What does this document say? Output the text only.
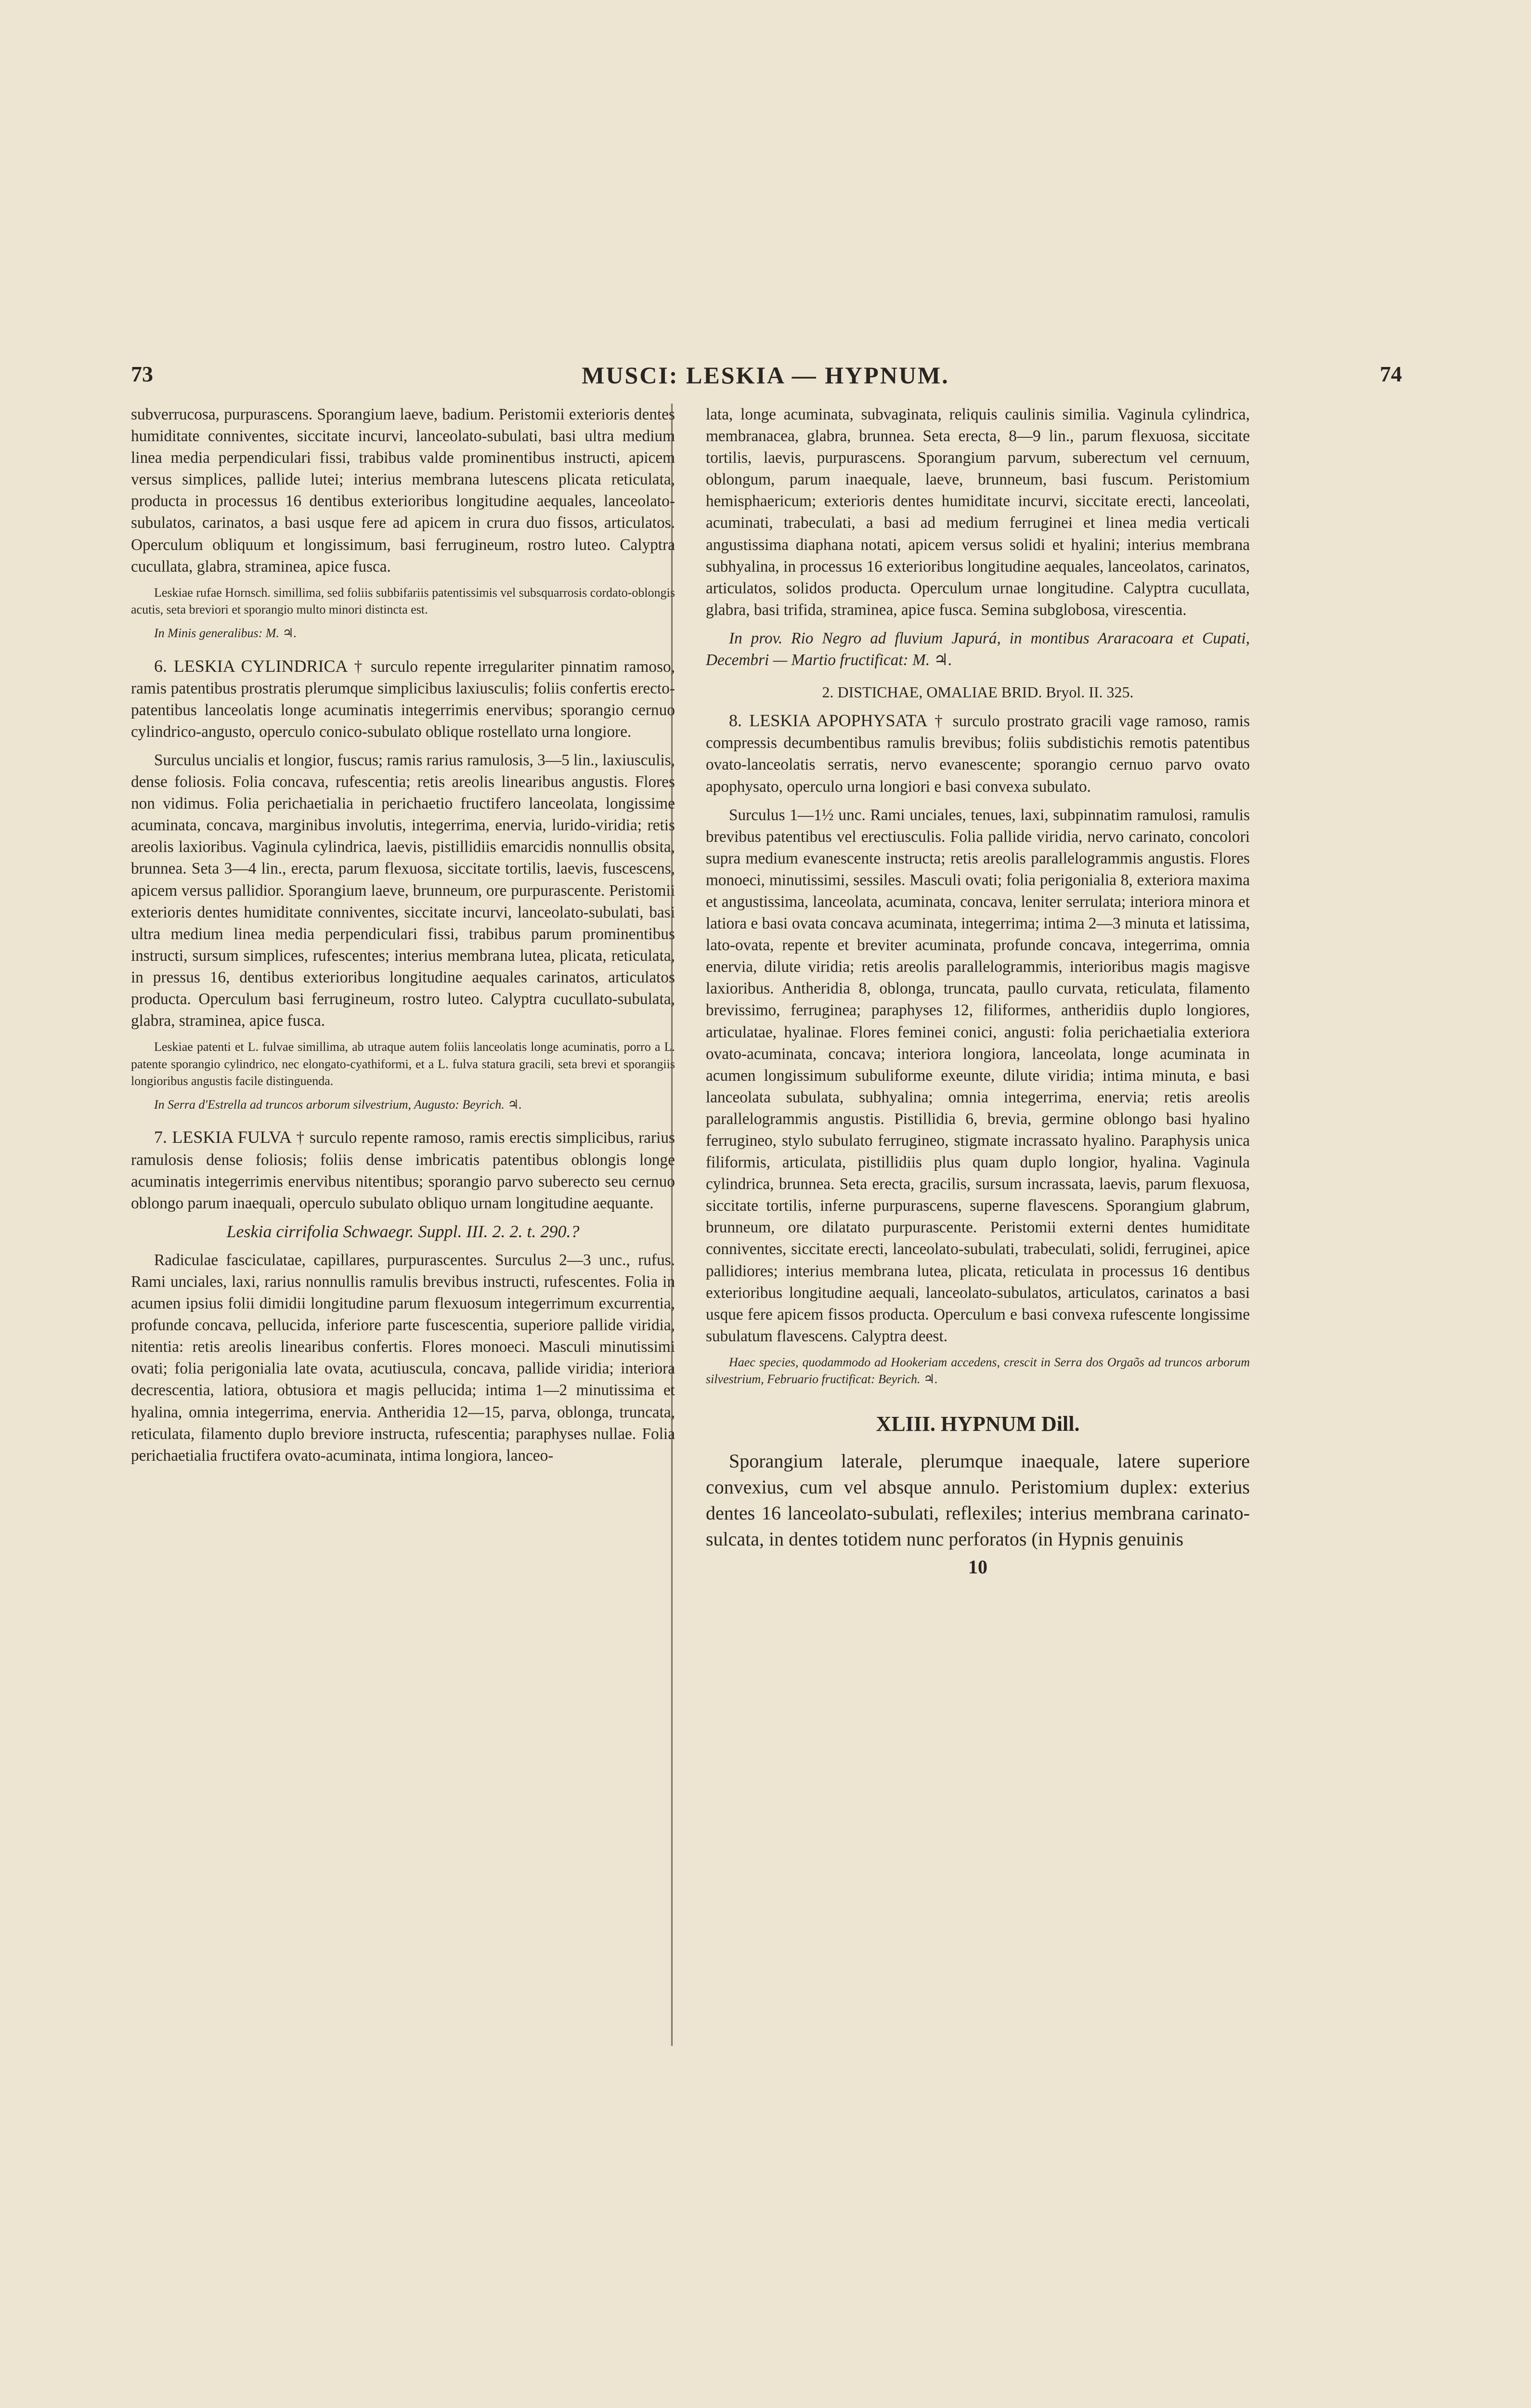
73	MUSCI: LESKIA — HYPNUM.	74

subverrucosa, purpurascens. Sporangium laeve, badium. Peristomii exterioris dentes humiditate conniventes, siccitate incurvi, lanceolato-subulati, basi ultra medium linea media perpendiculari fissi, trabibus valde prominentibus instructi, apicem versus simplices, pallide lutei; interius membrana lutescens plicata reticulata, producta in processus 16 dentibus exterioribus longitudine aequales, lanceolato-subulatos, carinatos, a basi usque fere ad apicem in crura duo fissos, articulatos. Operculum obliquum et longissimum, basi ferrugineum, rostro luteo. Calyptra cucullata, glabra, straminea, apice fusca.

Leskiae rufae Hornsch. simillima, sed foliis subbifariis patentissimis vel subsquarrosis cordato-oblongis acutis, seta breviori et sporangio multo minori distincta est.

In Minis generalibus: M. ♃.

6. LESKIA CYLINDRICA † surculo repente irregulariter pinnatim ramoso, ramis patentibus prostratis plerumque simplicibus laxiusculis; foliis confertis erecto-patentibus lanceolatis longe acuminatis integerrimis enervibus; sporangio cernuo cylindrico-angusto, operculo conico-subulato oblique rostellato urna longiore.

Surculus uncialis et longior, fuscus; ramis rarius ramulosis, 3—5 lin., laxiusculis, dense foliosis. Folia concava, rufescentia; retis areolis linearibus angustis. Flores non vidimus. Folia perichaetialia in perichaetio fructifero lanceolata, longissime acuminata, concava, marginibus involutis, integerrima, enervia, lurido-viridia; retis areolis laxioribus. Vaginula cylindrica, laevis, pistillidiis emarcidis nonnullis obsita, brunnea. Seta 3—4 lin., erecta, parum flexuosa, siccitate tortilis, laevis, fuscescens, apicem versus pallidior. Sporangium laeve, brunneum, ore purpurascente. Peristomii exterioris dentes humiditate conniventes, siccitate incurvi, lanceolato-subulati, basi ultra medium linea media perpendiculari fissi, trabibus parum prominentibus instructi, sursum simplices, rufescentes; interius membrana lutea, plicata, reticulata, in pressus 16, dentibus exterioribus longitudine aequales carinatos, articulatos producta. Operculum basi ferrugineum, rostro luteo. Calyptra cucullato-subulata, glabra, straminea, apice fusca.

Leskiae patenti et L. fulvae simillima, ab utraque autem foliis lanceolatis longe acuminatis, porro a L. patente sporangio cylindrico, nec elongato-cyathiformi, et a L. fulva statura gracili, seta brevi et sporangiis longioribus angustis facile distinguenda.

In Serra d'Estrella ad truncos arborum silvestrium, Augusto: Beyrich. ♃.

7. LESKIA FULVA † surculo repente ramoso, ramis erectis simplicibus, rarius ramulosis dense foliosis; foliis dense imbricatis patentibus oblongis longe acuminatis integerrimis enervibus nitentibus; sporangio parvo suberecto seu cernuo oblongo parum inaequali, operculo subulato obliquo urnam longitudine aequante.

Leskia cirrifolia Schwaegr. Suppl. III. 2. 2. t. 290.?

Radiculae fasciculatae, capillares, purpurascentes. Surculus 2—3 unc., rufus. Rami unciales, laxi, rarius nonnullis ramulis brevibus instructi, rufescentes. Folia in acumen ipsius folii dimidii longitudine parum flexuosum integerrimum excurrentia, profunde concava, pellucida, inferiore parte fuscescentia, superiore pallide viridia, nitentia: retis areolis linearibus confertis. Flores monoeci. Masculi minutissimi ovati; folia perigonialia late ovata, acutiuscula, concava, pallide viridia; interiora decrescentia, latiora, obtusiora et magis pellucida; intima 1—2 minutissima et hyalina, omnia integerrima, enervia. Antheridia 12—15, parva, oblonga, truncata, reticulata, filamento duplo breviore instructa, rufescentia; paraphyses nullae. Folia perichaetialia fructifera ovato-acuminata, intima longiora, lanceo-

lata, longe acuminata, subvaginata, reliquis caulinis similia. Vaginula cylindrica, membranacea, glabra, brunnea. Seta erecta, 8—9 lin., parum flexuosa, siccitate tortilis, laevis, purpurascens. Sporangium parvum, suberectum vel cernuum, oblongum, parum inaequale, laeve, brunneum, basi fuscum. Peristomium hemisphaericum; exterioris dentes humiditate incurvi, siccitate erecti, lanceolati, acuminati, trabeculati, a basi ad medium ferruginei et linea media verticali angustissima diaphana notati, apicem versus solidi et hyalini; interius membrana subhyalina, in processus 16 exterioribus longitudine aequales, lanceolatos, carinatos, articulatos, solidos producta. Operculum urnae longitudine. Calyptra cucullata, glabra, basi trifida, straminea, apice fusca. Semina subglobosa, virescentia.

In prov. Rio Negro ad fluvium Japurá, in montibus Araracoara et Cupati, Decembri — Martio fructificat: M. ♃.

2. DISTICHAE, OMALIAE BRID. Bryol. II. 325.

8. LESKIA APOPHYSATA † surculo prostrato gracili vage ramoso, ramis compressis decumbentibus ramulis brevibus; foliis subdistichis remotis patentibus ovato-lanceolatis serratis, nervo evanescente; sporangio cernuo parvo ovato apophysato, operculo urna longiori e basi convexa subulato.

Surculus 1—1½ unc. Rami unciales, tenues, laxi, subpinnatim ramulosi, ramulis brevibus patentibus vel erectiusculis. Folia pallide viridia, nervo carinato, concolori supra medium evanescente instructa; retis areolis parallelogrammis angustis. Flores monoeci, minutissimi, sessiles. Masculi ovati; folia perigonialia 8, exteriora maxima et angustissima, lanceolata, acuminata, concava, leniter serrulata; interiora minora et latiora e basi ovata concava acuminata, integerrima; intima 2—3 minuta et latissima, lato-ovata, repente et breviter acuminata, profunde concava, integerrima, omnia enervia, dilute viridia; retis areolis parallelogrammis, interioribus magis magisve laxioribus. Antheridia 8, oblonga, truncata, paullo curvata, reticulata, filamento brevissimo, ferruginea; paraphyses 12, filiformes, antheridiis duplo longiores, articulatae, hyalinae. Flores feminei conici, angusti: folia perichaetialia exteriora ovato-acuminata, concava; interiora longiora, lanceolata, longe acuminata in acumen longissimum subuliforme exeunte, dilute viridia; intima minuta, e basi lanceolata subulata, subhyalina; omnia integerrima, enervia; retis areolis parallelogrammis angustis. Pistillidia 6, brevia, germine oblongo basi hyalino ferrugineo, stylo subulato ferrugineo, stigmate incrassato hyalino. Paraphysis unica filiformis, articulata, pistillidiis plus quam duplo longior, hyalina. Vaginula cylindrica, brunnea. Seta erecta, gracilis, sursum incrassata, laevis, parum flexuosa, siccitate tortilis, inferne purpurascens, superne flavescens. Sporangium glabrum, brunneum, ore dilatato purpurascente. Peristomii externi dentes humiditate conniventes, siccitate erecti, lanceolato-subulati, trabeculati, solidi, ferruginei, apice pallidiores; interius membrana lutea, plicata, reticulata in processus 16 dentibus exterioribus longitudine aequali, lanceolato-subulatos, articulatos, carinatos a basi usque fere apicem fissos producta. Operculum e basi convexa rufescente longissime subulatum flavescens. Calyptra deest.

Haec species, quodammodo ad Hookeriam accedens, crescit in Serra dos Orgaõs ad truncos arborum silvestrium, Februario fructificat: Beyrich. ♃.

XLIII. HYPNUM Dill.

Sporangium laterale, plerumque inaequale, latere superiore convexius, cum vel absque annulo. Peristomium duplex: exterius dentes 16 lanceolato-subulati, reflexiles; interius membrana carinato-sulcata, in dentes totidem nunc perforatos (in Hypnis genuinis

10
